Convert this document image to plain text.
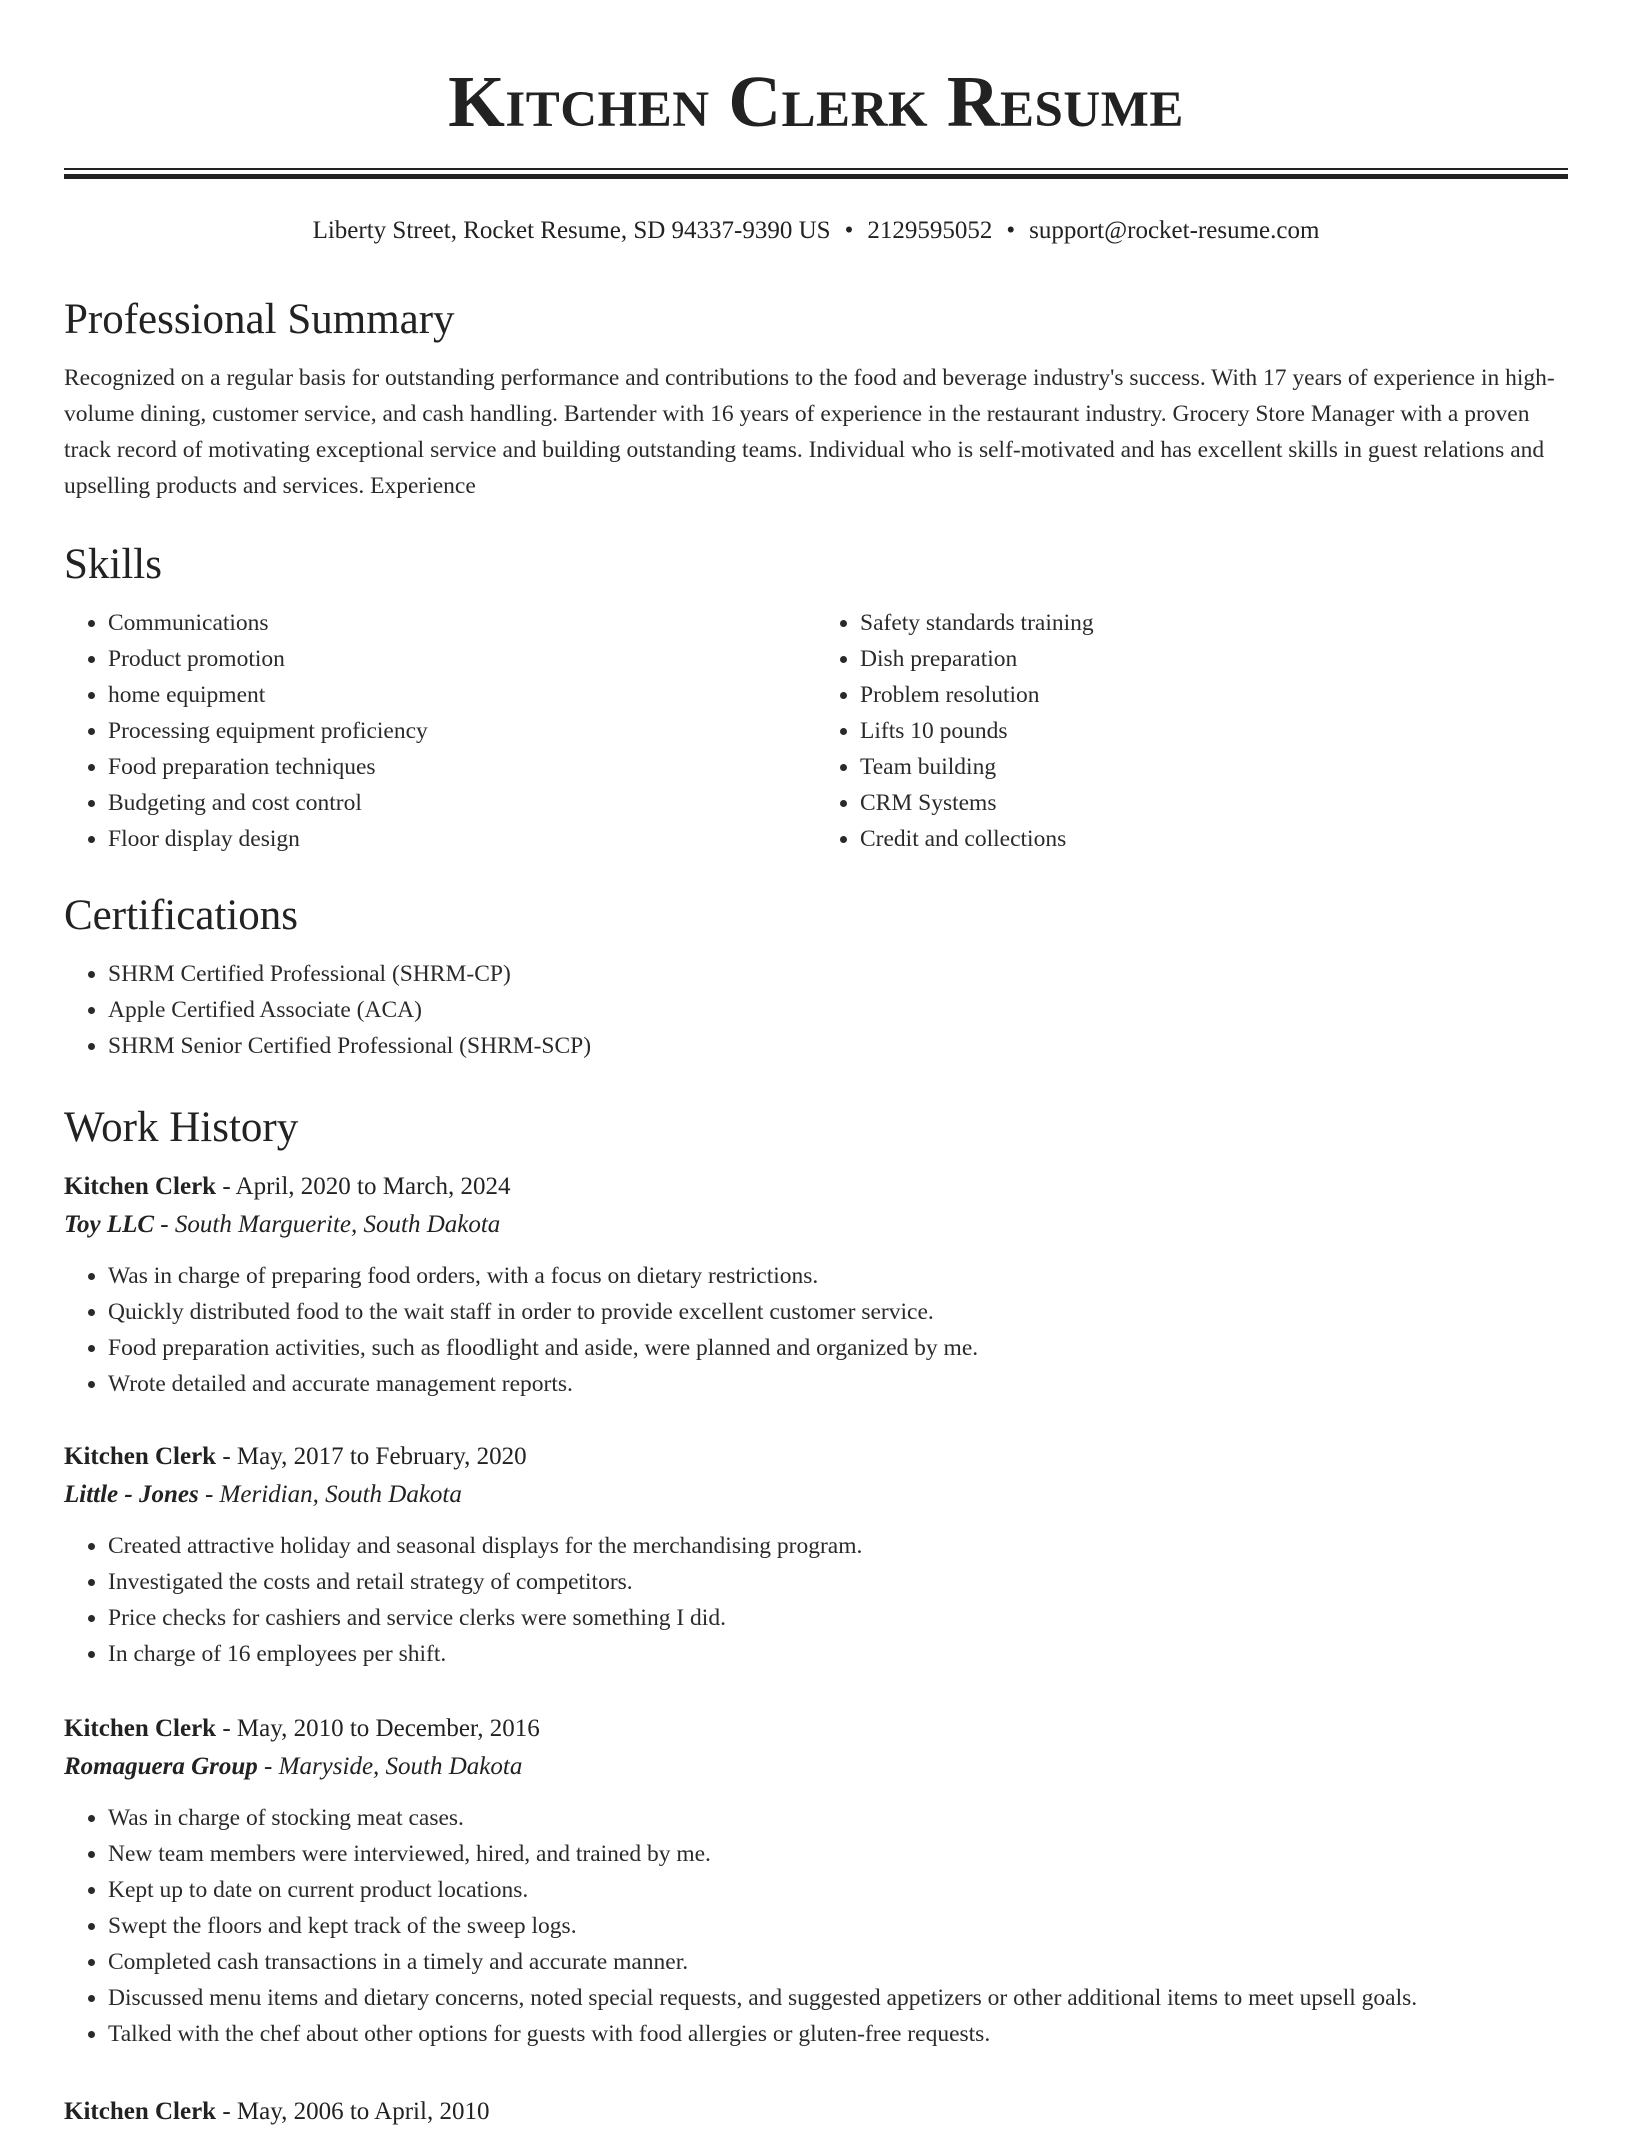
Kitchen Clerk Resume
Liberty Street, Rocket Resume, SD 94337-9390 US • 2129595052 • support@rocket-resume.com
Professional Summary

Recognized on a regular basis for outstanding performance and contributions to the food and beverage industry's success. With 17 years of experience in high-volume dining, customer service, and cash handling. Bartender with 16 years of experience in the restaurant industry. Grocery Store Manager with a proven track record of motivating exceptional service and building outstanding teams. Individual who is self-motivated and has excellent skills in guest relations and upselling products and services. Experience

Skills
• Communications
• Product promotion
• home equipment
• Processing equipment proficiency
• Food preparation techniques
• Budgeting and cost control
• Floor display design
• Safety standards training
• Dish preparation
• Problem resolution
• Lifts 10 pounds
• Team building
• CRM Systems
• Credit and collections
Certifications
• SHRM Certified Professional (SHRM-CP)
• Apple Certified Associate (ACA)
• SHRM Senior Certified Professional (SHRM-SCP)
Work History
Kitchen Clerk - April, 2020 to March, 2024
Toy LLC - South Marguerite, South Dakota
• Was in charge of preparing food orders, with a focus on dietary restrictions.
• Quickly distributed food to the wait staff in order to provide excellent customer service.
• Food preparation activities, such as floodlight and aside, were planned and organized by me.
• Wrote detailed and accurate management reports.
Kitchen Clerk - May, 2017 to February, 2020
Little - Jones - Meridian, South Dakota
• Created attractive holiday and seasonal displays for the merchandising program.
• Investigated the costs and retail strategy of competitors.
• Price checks for cashiers and service clerks were something I did.
• In charge of 16 employees per shift.
Kitchen Clerk - May, 2010 to December, 2016
Romaguera Group - Maryside, South Dakota
• Was in charge of stocking meat cases.
• New team members were interviewed, hired, and trained by me.
• Kept up to date on current product locations.
• Swept the floors and kept track of the sweep logs.
• Completed cash transactions in a timely and accurate manner.
• Discussed menu items and dietary concerns, noted special requests, and suggested appetizers or other additional items to meet upsell goals.
• Talked with the chef about other options for guests with food allergies or gluten-free requests.
Kitchen Clerk - May, 2006 to April, 2010
